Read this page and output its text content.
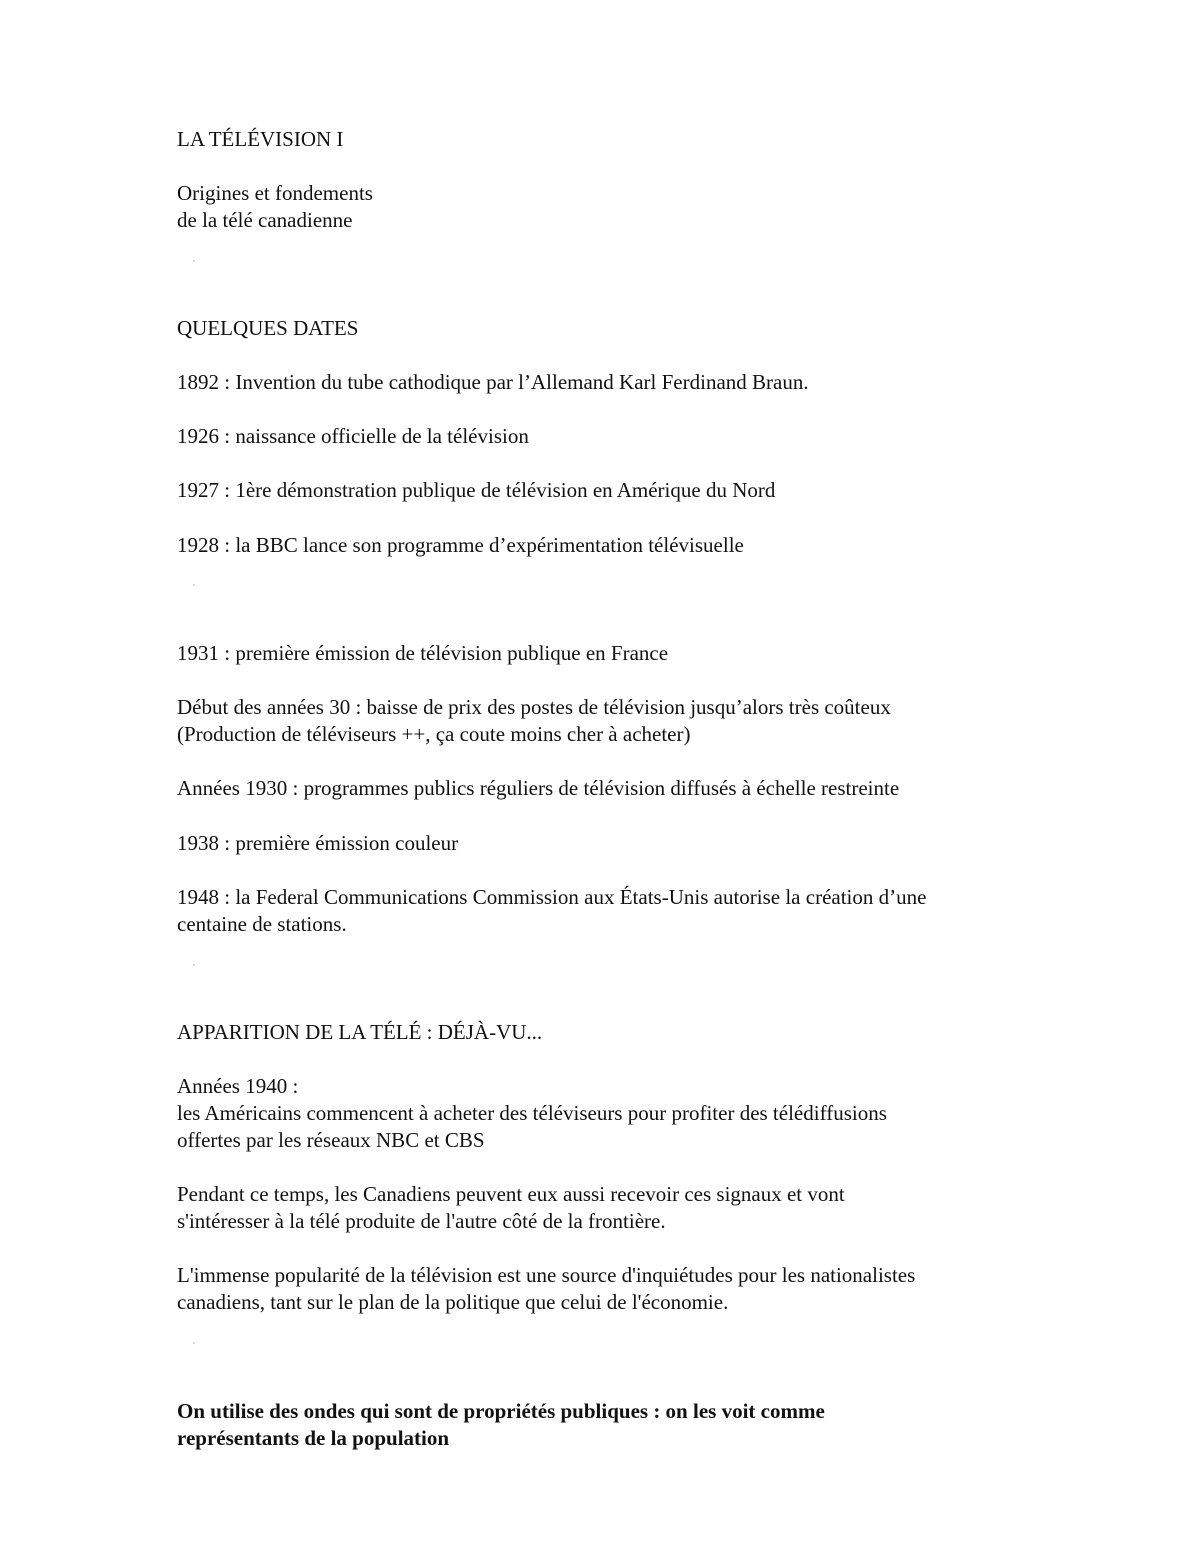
LA TÉLÉVISION I
Origines et fondements
de la télé canadienne
QUELQUES DATES
1892 : Invention du tube cathodique par l’Allemand Karl Ferdinand Braun.
1926 : naissance officielle de la télévision
1927 : 1ère démonstration publique de télévision en Amérique du Nord
1928 : la BBC lance son programme d’expérimentation télévisuelle
1931 : première émission de télévision publique en France
Début des années 30 : baisse de prix des postes de télévision jusqu’alors très coûteux
(Production de téléviseurs ++, ça coute moins cher à acheter)
Années 1930 : programmes publics réguliers de télévision diffusés à échelle restreinte
1938 : première émission couleur
1948 : la Federal Communications Commission aux États-Unis autorise la création d’une
centaine de stations.
APPARITION DE LA TÉLÉ : DÉJÀ-VU...
Années 1940 :
les Américains commencent à acheter des téléviseurs pour profiter des télédiffusions
offertes par les réseaux NBC et CBS
Pendant ce temps, les Canadiens peuvent eux aussi recevoir ces signaux et vont
s'intéresser à la télé produite de l'autre côté de la frontière.
L'immense popularité de la télévision est une source d'inquiétudes pour les nationalistes
canadiens, tant sur le plan de la politique que celui de l'économie.
On utilise des ondes qui sont de propriétés publiques : on les voit comme
représentants de la population
